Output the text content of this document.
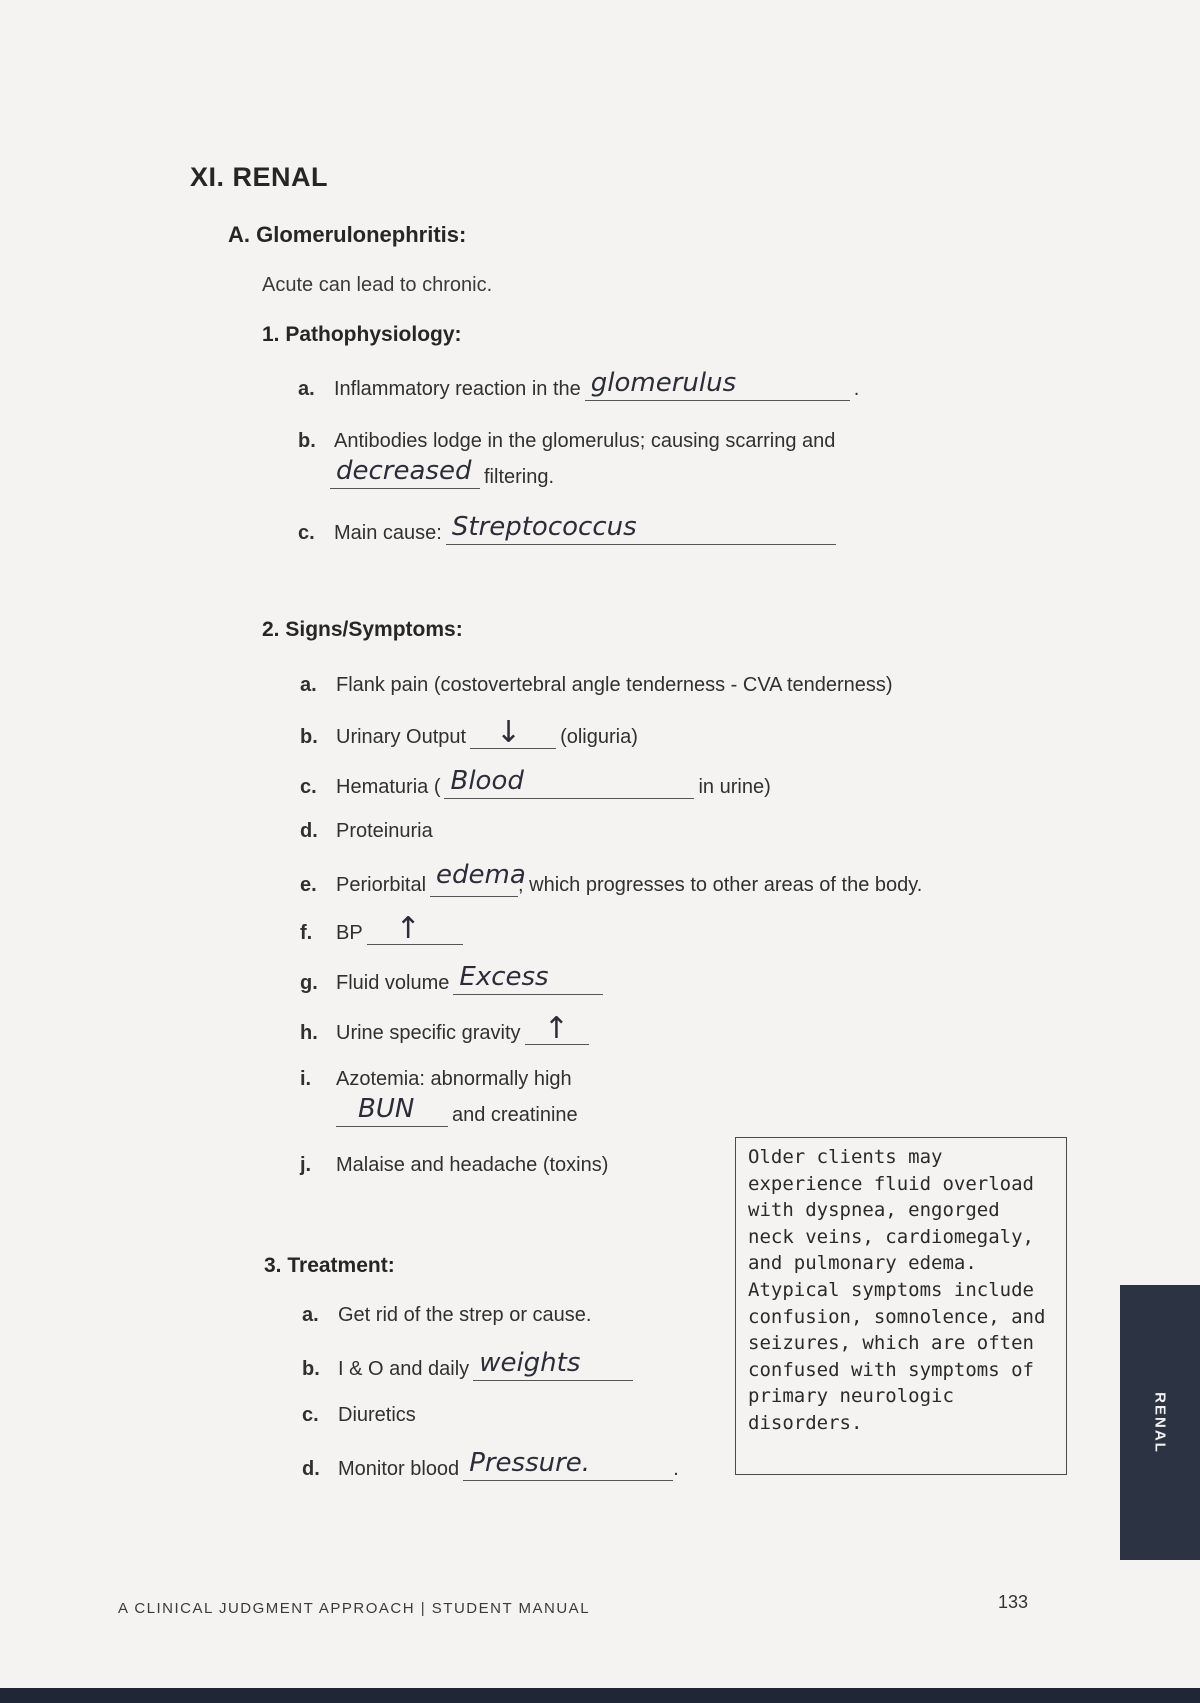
XI. RENAL
A. Glomerulonephritis:
Acute can lead to chronic.
1. Pathophysiology:
a. Inflammatory reaction in the glomerulus	.
b. Antibodies lodge in the glomerulus; causing scarring and
decreased filtering.
c. Main cause: Streptococcus
2. Signs/Symptoms:
a. Flank pain (costovertebral angle tenderness - CVA tenderness)
b. Urinary Output ↓ (oliguria)
c. Hematuria ( Blood	in urine)
d. Proteinuria
e. Periorbital edema
, which progresses to other areas of the body.
f.	BP ↑
g. Fluid volume Excess
h. Urine specific gravity ↑
i.	Azotemia: abnormally high
BUN and creatinine
j.	Malaise and headache (toxins)
3. Treatment:
a. Get rid of the strep or cause.
b. I & O and daily weights
c. Diuretics
d. Monitor blood Pressure.	.
Older clients may experience fluid overload with dyspnea, engorged neck veins, cardiomegaly, and pulmonary edema. Atypical symptoms include confusion, somnolence, and seizures, which are often confused with symptoms of primary neurologic disorders.	RENAL
A CLINICAL JUDGMENT APPROACH | STUDENT MANUAL	133
